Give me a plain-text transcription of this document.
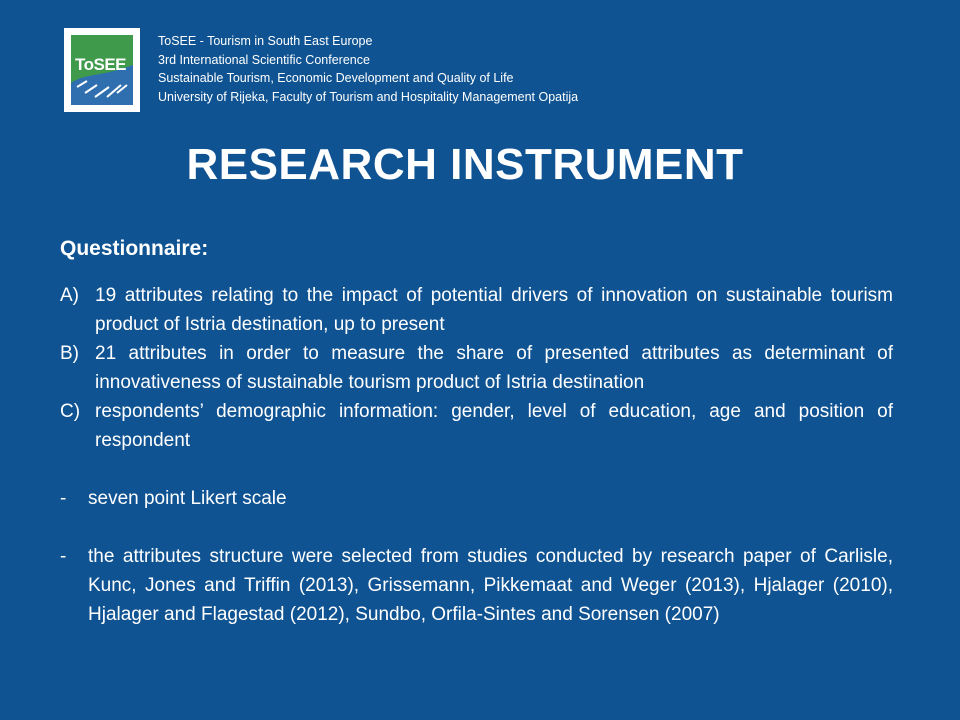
ToSEE
ToSEE - Tourism in South East Europe
3rd International Scientific Conference
Sustainable Tourism, Economic Development and Quality of Life
University of Rijeka, Faculty of Tourism and Hospitality Management Opatija
RESEARCH INSTRUMENT
Questionnaire:
A) 19 attributes relating to the impact of potential drivers of innovation on sustainable tourism product of Istria destination, up to present
B) 21 attributes in order to measure the share of presented attributes as determinant of innovativeness of sustainable tourism product of Istria destination
C) respondents’ demographic information: gender, level of education, age and position of respondent
-	seven point Likert scale
-	the attributes structure were selected from studies conducted by research paper of Carlisle, Kunc, Jones and Triffin (2013), Grissemann, Pikkemaat and Weger (2013), Hjalager (2010), Hjalager and Flagestad (2012), Sundbo, Orfila-Sintes and Sorensen (2007)
